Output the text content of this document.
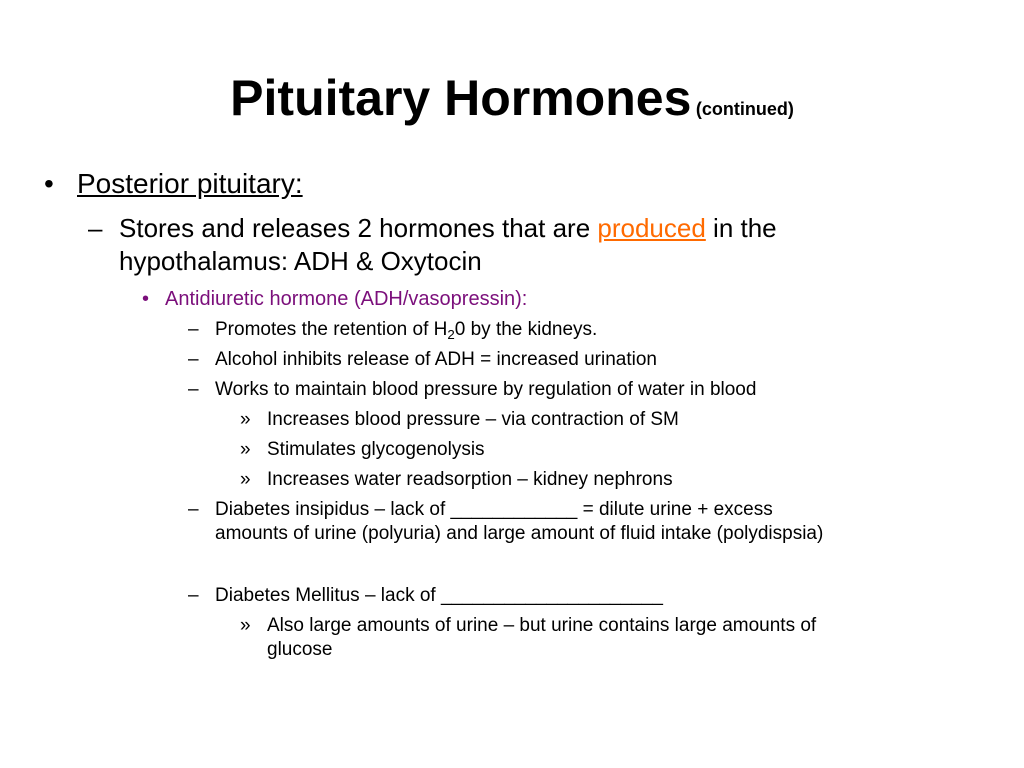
Pituitary Hormones (continued)
• Posterior pituitary:
– Stores and releases 2 hormones that are produced in the
hypothalamus: ADH & Oxytocin
• Antidiuretic hormone (ADH/vasopressin):
– Promotes the retention of $H_20$ by the kidneys.
– Alcohol inhibits release of ADH = increased urination
– Works to maintain blood pressure by regulation of water in blood
» Increases blood pressure – via contraction of SM
» Stimulates glycogenolysis
» Increases water readsorption – kidney nephrons
– Diabetes insipidus – lack of ____________ = dilute urine + excess
amounts of urine (polyuria) and large amount of fluid intake (polydispsia)
– Diabetes Mellitus – lack of _____________________
» Also large amounts of urine – but urine contains large amounts of
glucose
